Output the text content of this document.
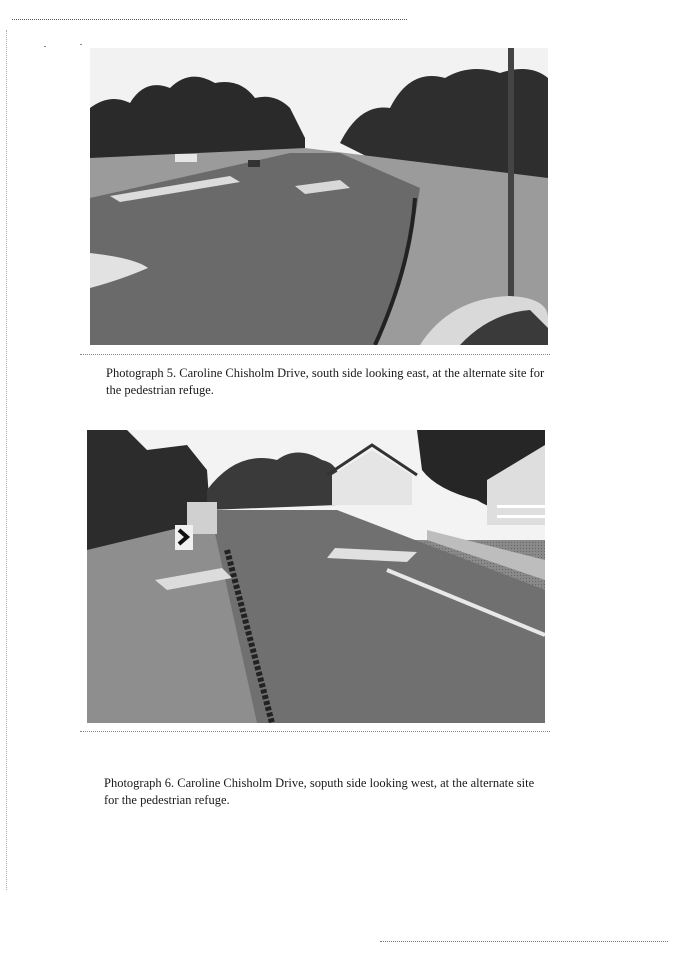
Photograph 5. Caroline Chisholm Drive, south side looking east, at the alternate site for the pedestrian refuge.

Photograph 6. Caroline Chisholm Drive, soputh side looking west, at the alternate site for the pedestrian refuge.
